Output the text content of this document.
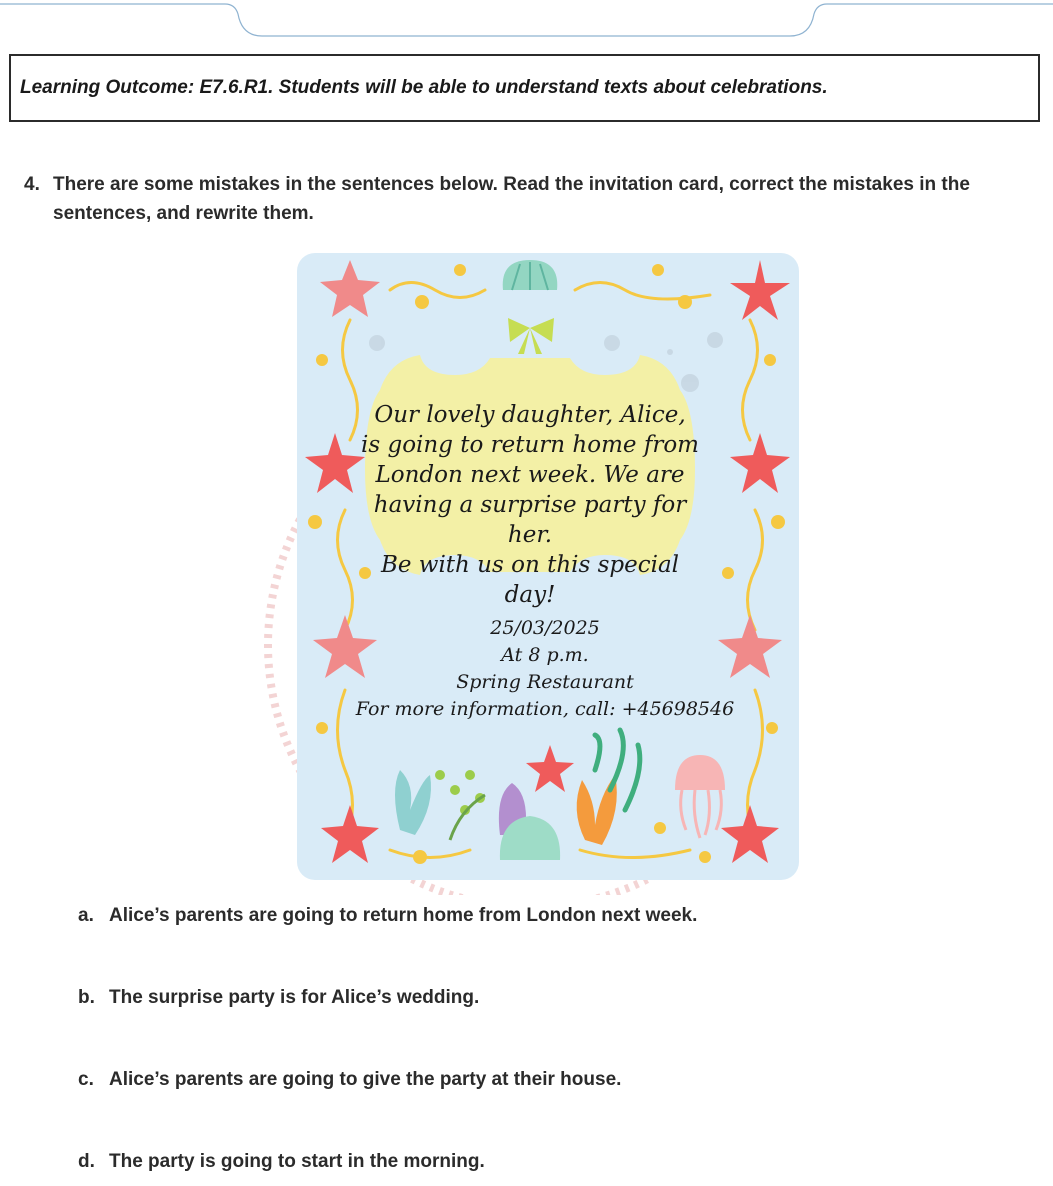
Learning Outcome: E7.6.R1. Students will be able to understand texts about celebrations.
4. There are some mistakes in the sentences below. Read the invitation card, correct the mistakes in the sentences, and rewrite them.
Our lovely daughter, Alice,
is going to return home from
London next week. We are
having a surprise party for her.
Be with us on this special day!
25/03/2025
At 8 p.m.
Spring Restaurant
For more information, call: +45698546
a. Alice’s parents are going to return home from London next week.
b. The surprise party is for Alice’s wedding.
c. Alice’s parents are going to give the party at their house.
d. The party is going to start in the morning.
